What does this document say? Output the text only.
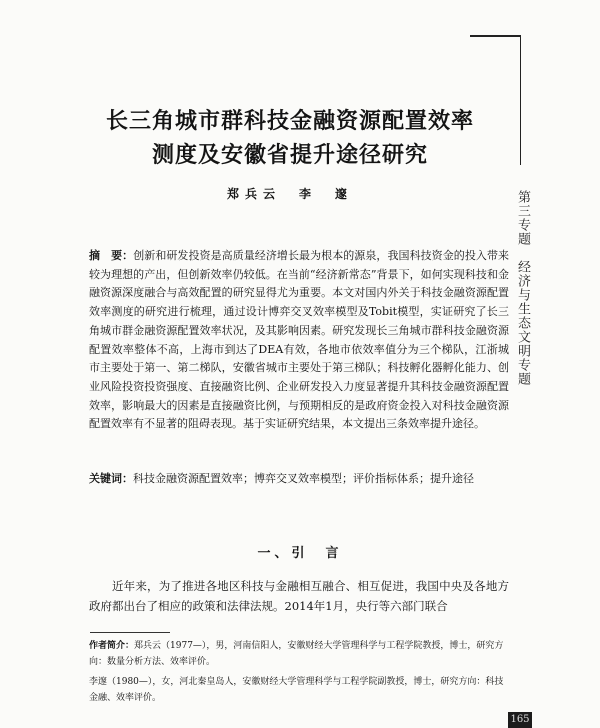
第三专题　经济与生态文明专题
长三角城市群科技金融资源配置效率
测度及安徽省提升途径研究
郑兵云　李　邃
摘　要：创新和研发投资是高质量经济增长最为根本的源泉，我国科技资金的投入带来较为理想的产出，但创新效率仍较低。在当前“经济新常态”背景下，如何实现科技和金融资源深度融合与高效配置的研究显得尤为重要。本文对国内外关于科技金融资源配置效率测度的研究进行梳理，通过设计博弈交叉效率模型及Tobit模型，实证研究了长三角城市群金融资源配置效率状况，及其影响因素。研究发现长三角城市群科技金融资源配置效率整体不高，上海市到达了DEA有效，各地市依效率值分为三个梯队，江浙城市主要处于第一、第二梯队，安徽省城市主要处于第三梯队；科技孵化器孵化能力、创业风险投资投资强度、直接融资比例、企业研发投入力度显著提升其科技金融资源配置效率，影响最大的因素是直接融资比例，与预期相反的是政府资金投入对科技金融资源配置效率有不显著的阻碍表现。基于实证研究结果，本文提出三条效率提升途径。
关键词：科技金融资源配置效率；博弈交叉效率模型；评价指标体系；提升途径
一、引　言
近年来，为了推进各地区科技与金融相互融合、相互促进，我国中央及各地方政府都出台了相应的政策和法律法规。2014年1月，央行等六部门联合
作者简介：郑兵云（1977—），男，河南信阳人，安徽财经大学管理科学与工程学院教授，博士，研究方向：数量分析方法、效率评价。
李邃（1980—），女，河北秦皇岛人，安徽财经大学管理科学与工程学院副教授，博士，研究方向：科技金融、效率评价。
165
